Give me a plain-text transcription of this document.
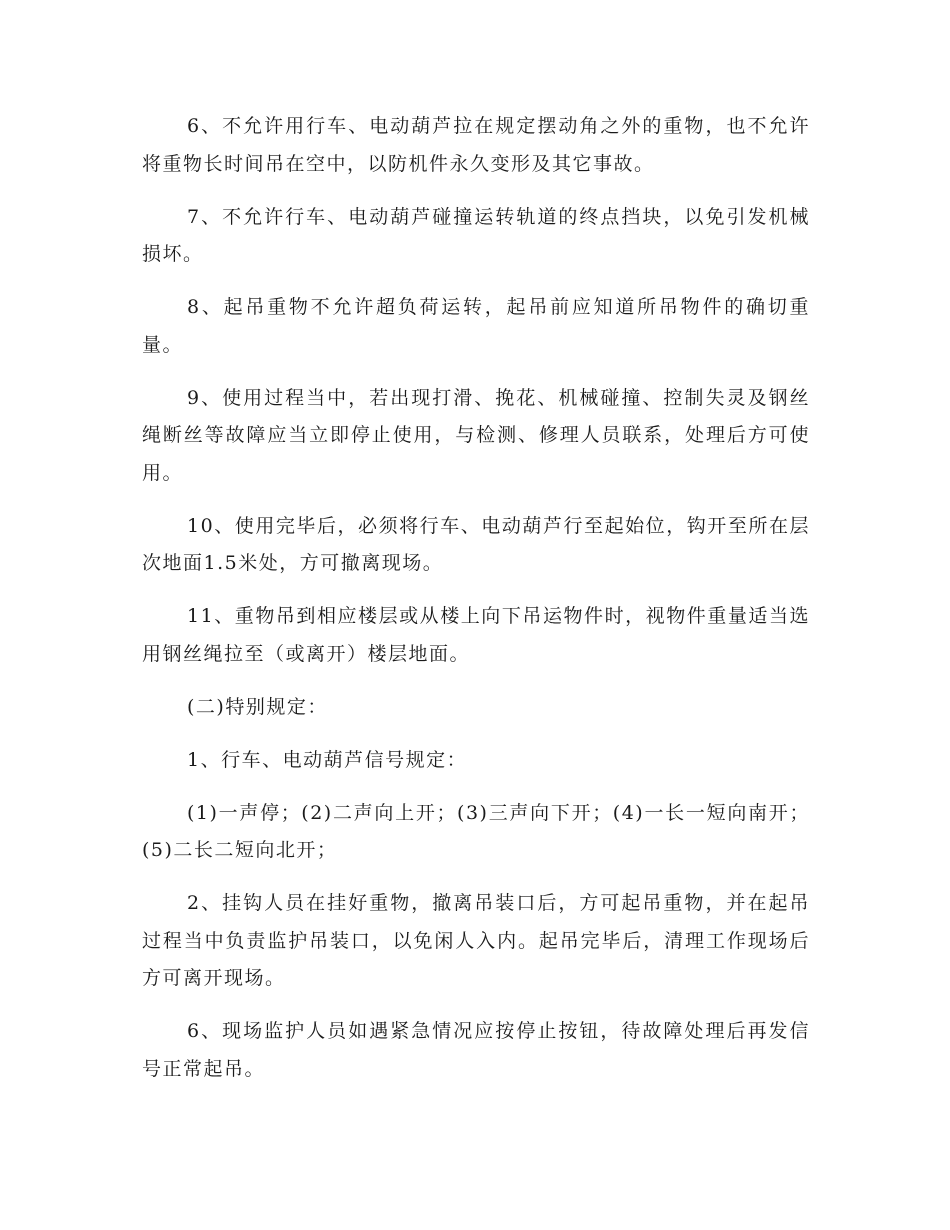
6、不允许用行车、电动葫芦拉在规定摆动角之外的重物，也不允许将重物长时间吊在空中，以防机件永久变形及其它事故。

7、不允许行车、电动葫芦碰撞运转轨道的终点挡块，以免引发机械损坏。

8、起吊重物不允许超负荷运转，起吊前应知道所吊物件的确切重量。

9、使用过程当中，若出现打滑、挽花、机械碰撞、控制失灵及钢丝绳断丝等故障应当立即停止使用，与检测、修理人员联系，处理后方可使用。

10、使用完毕后，必须将行车、电动葫芦行至起始位，钩开至所在层次地面1.5米处，方可撤离现场。

11、重物吊到相应楼层或从楼上向下吊运物件时，视物件重量适当选用钢丝绳拉至（或离开）楼层地面。

(二)特别规定：

1、行车、电动葫芦信号规定：

(1)一声停；(2)二声向上开；(3)三声向下开；(4)一长一短向南开；(5)二长二短向北开；

2、挂钩人员在挂好重物，撤离吊装口后，方可起吊重物，并在起吊过程当中负责监护吊装口，以免闲人入内。起吊完毕后，清理工作现场后方可离开现场。

6、现场监护人员如遇紧急情况应按停止按钮，待故障处理后再发信号正常起吊。
